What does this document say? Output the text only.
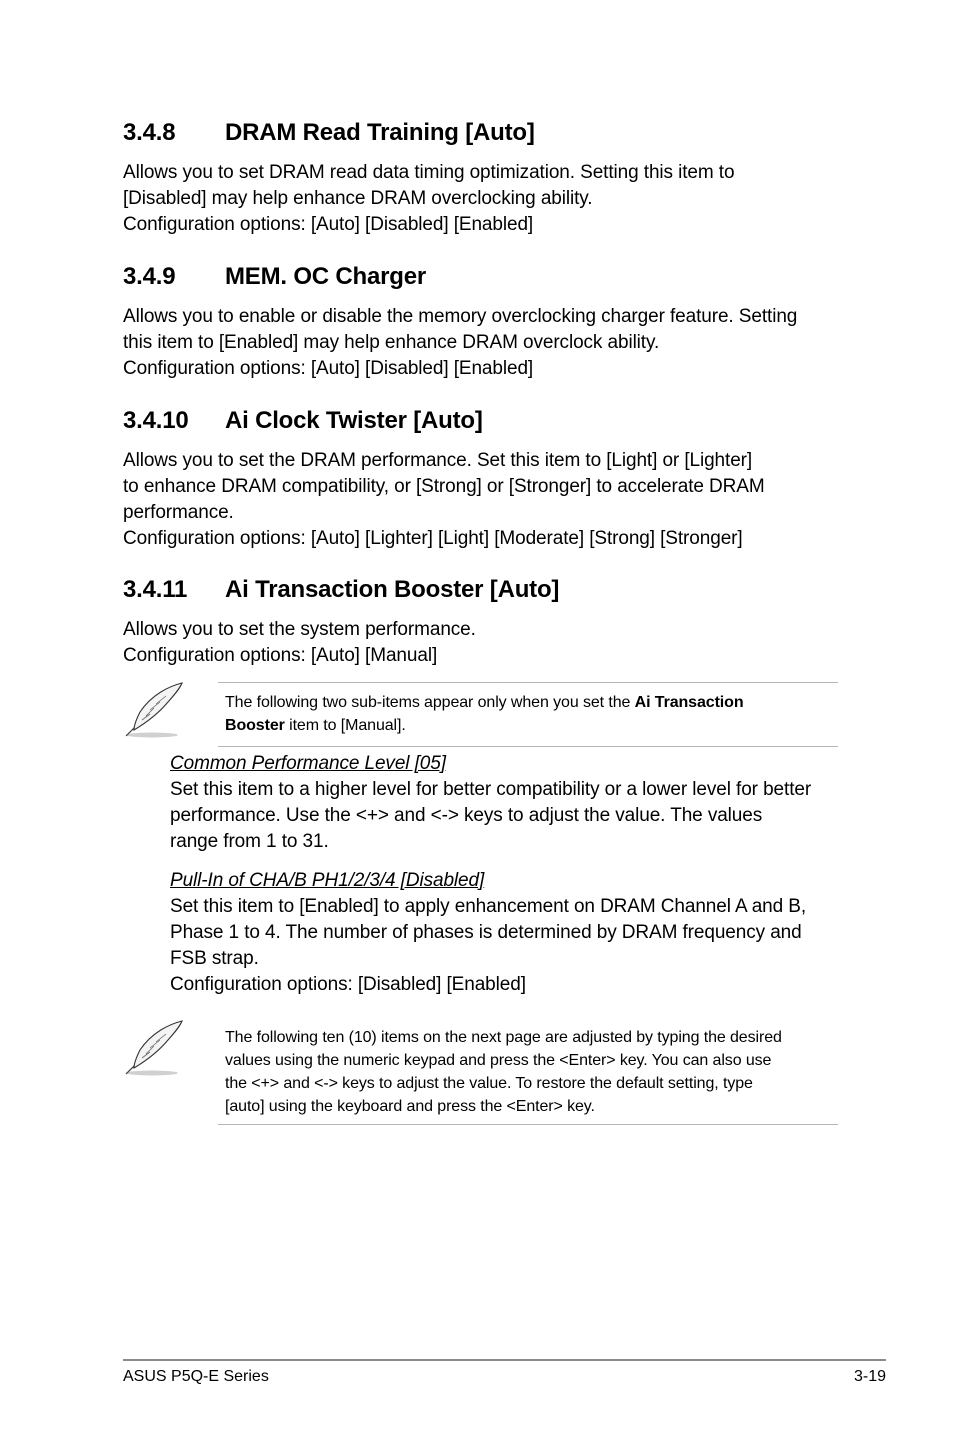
3.4.8 DRAM Read Training [Auto]
Allows you to set DRAM read data timing optimization. Setting this item to
[Disabled] may help enhance DRAM overclocking ability.
Configuration options: [Auto] [Disabled] [Enabled]
3.4.9 MEM. OC Charger
Allows you to enable or disable the memory overclocking charger feature. Setting
this item to [Enabled] may help enhance DRAM overclock ability.
Configuration options: [Auto] [Disabled] [Enabled]
3.4.10 Ai Clock Twister [Auto]
Allows you to set the DRAM performance. Set this item to [Light] or [Lighter]
to enhance DRAM compatibility, or [Strong] or [Stronger] to accelerate DRAM
performance.
Configuration options: [Auto] [Lighter] [Light] [Moderate] [Strong] [Stronger]
3.4.11 Ai Transaction Booster [Auto]
Allows you to set the system performance.
Configuration options: [Auto] [Manual]
The following two sub-items appear only when you set the Ai Transaction
Booster item to [Manual].
Common Performance Level [05]
Set this item to a higher level for better compatibility or a lower level for better
performance. Use the <+> and <-> keys to adjust the value. The values
range from 1 to 31.
Pull-In of CHA/B PH1/2/3/4 [Disabled]
Set this item to [Enabled] to apply enhancement on DRAM Channel A and B,
Phase 1 to 4. The number of phases is determined by DRAM frequency and
FSB strap.
Configuration options: [Disabled] [Enabled]
The following ten (10) items on the next page are adjusted by typing the desired
values using the numeric keypad and press the <Enter> key. You can also use
the <+> and <-> keys to adjust the value. To restore the default setting, type
[auto] using the keyboard and press the <Enter> key.
ASUS P5Q-E Series	3-19
